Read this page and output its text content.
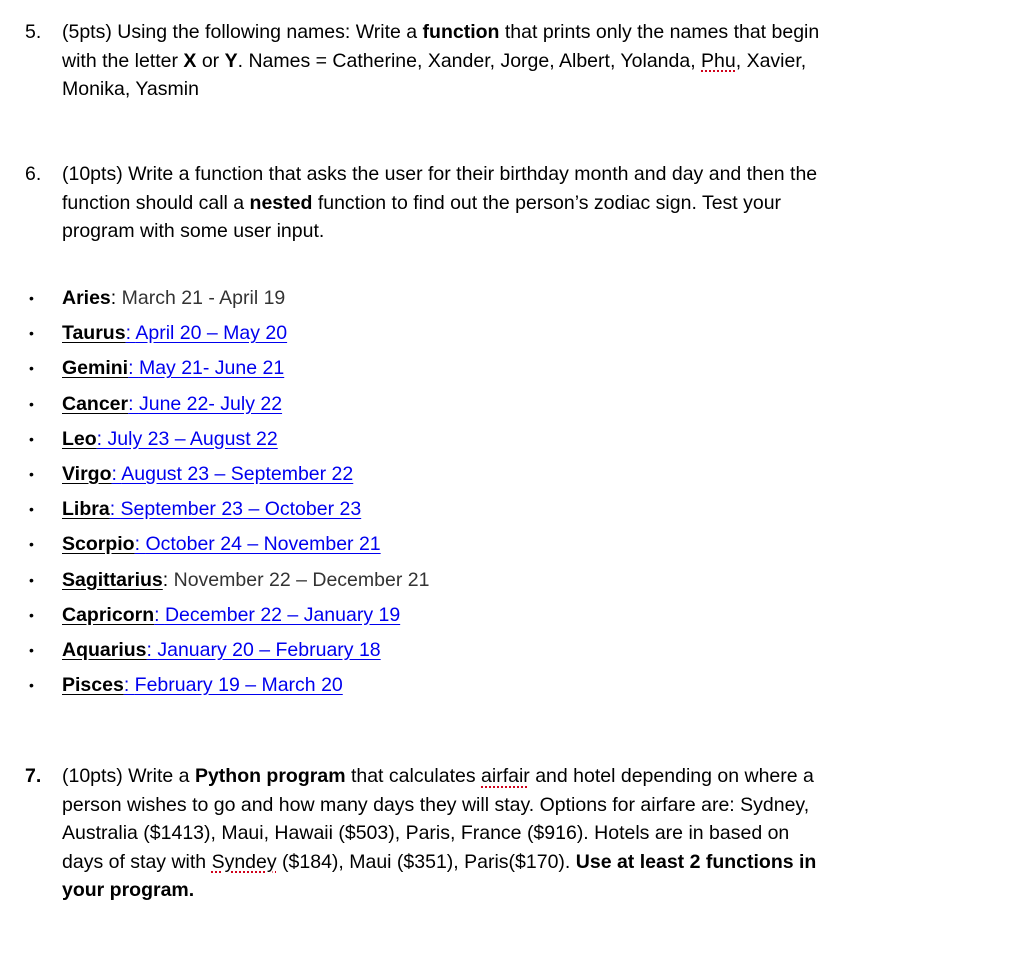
5. (5pts) Using the following names: Write a function that prints only the names that begin
with the letter X or Y. Names = Catherine, Xander, Jorge, Albert, Yolanda, Phu, Xavier,
Monika, Yasmin
6. (10pts) Write a function that asks the user for their birthday month and day and then the
function should call a nested function to find out the person’s zodiac sign. Test your
program with some user input.
• Aries: March 21 - April 19
• Taurus: April 20 – May 20
• Gemini: May 21- June 21
• Cancer: June 22- July 22
• Leo: July 23 – August 22
• Virgo: August 23 – September 22
• Libra: September 23 – October 23
• Scorpio: October 24 – November 21
• Sagittarius: November 22 – December 21
• Capricorn: December 22 – January 19
• Aquarius: January 20 – February 18
• Pisces: February 19 – March 20
7. (10pts) Write a Python program that calculates airfair and hotel depending on where a
person wishes to go and how many days they will stay. Options for airfare are: Sydney,
Australia ($1413), Maui, Hawaii ($503), Paris, France ($916). Hotels are in based on
days of stay with Syndey ($184), Maui ($351), Paris($170). Use at least 2 functions in
your program.
